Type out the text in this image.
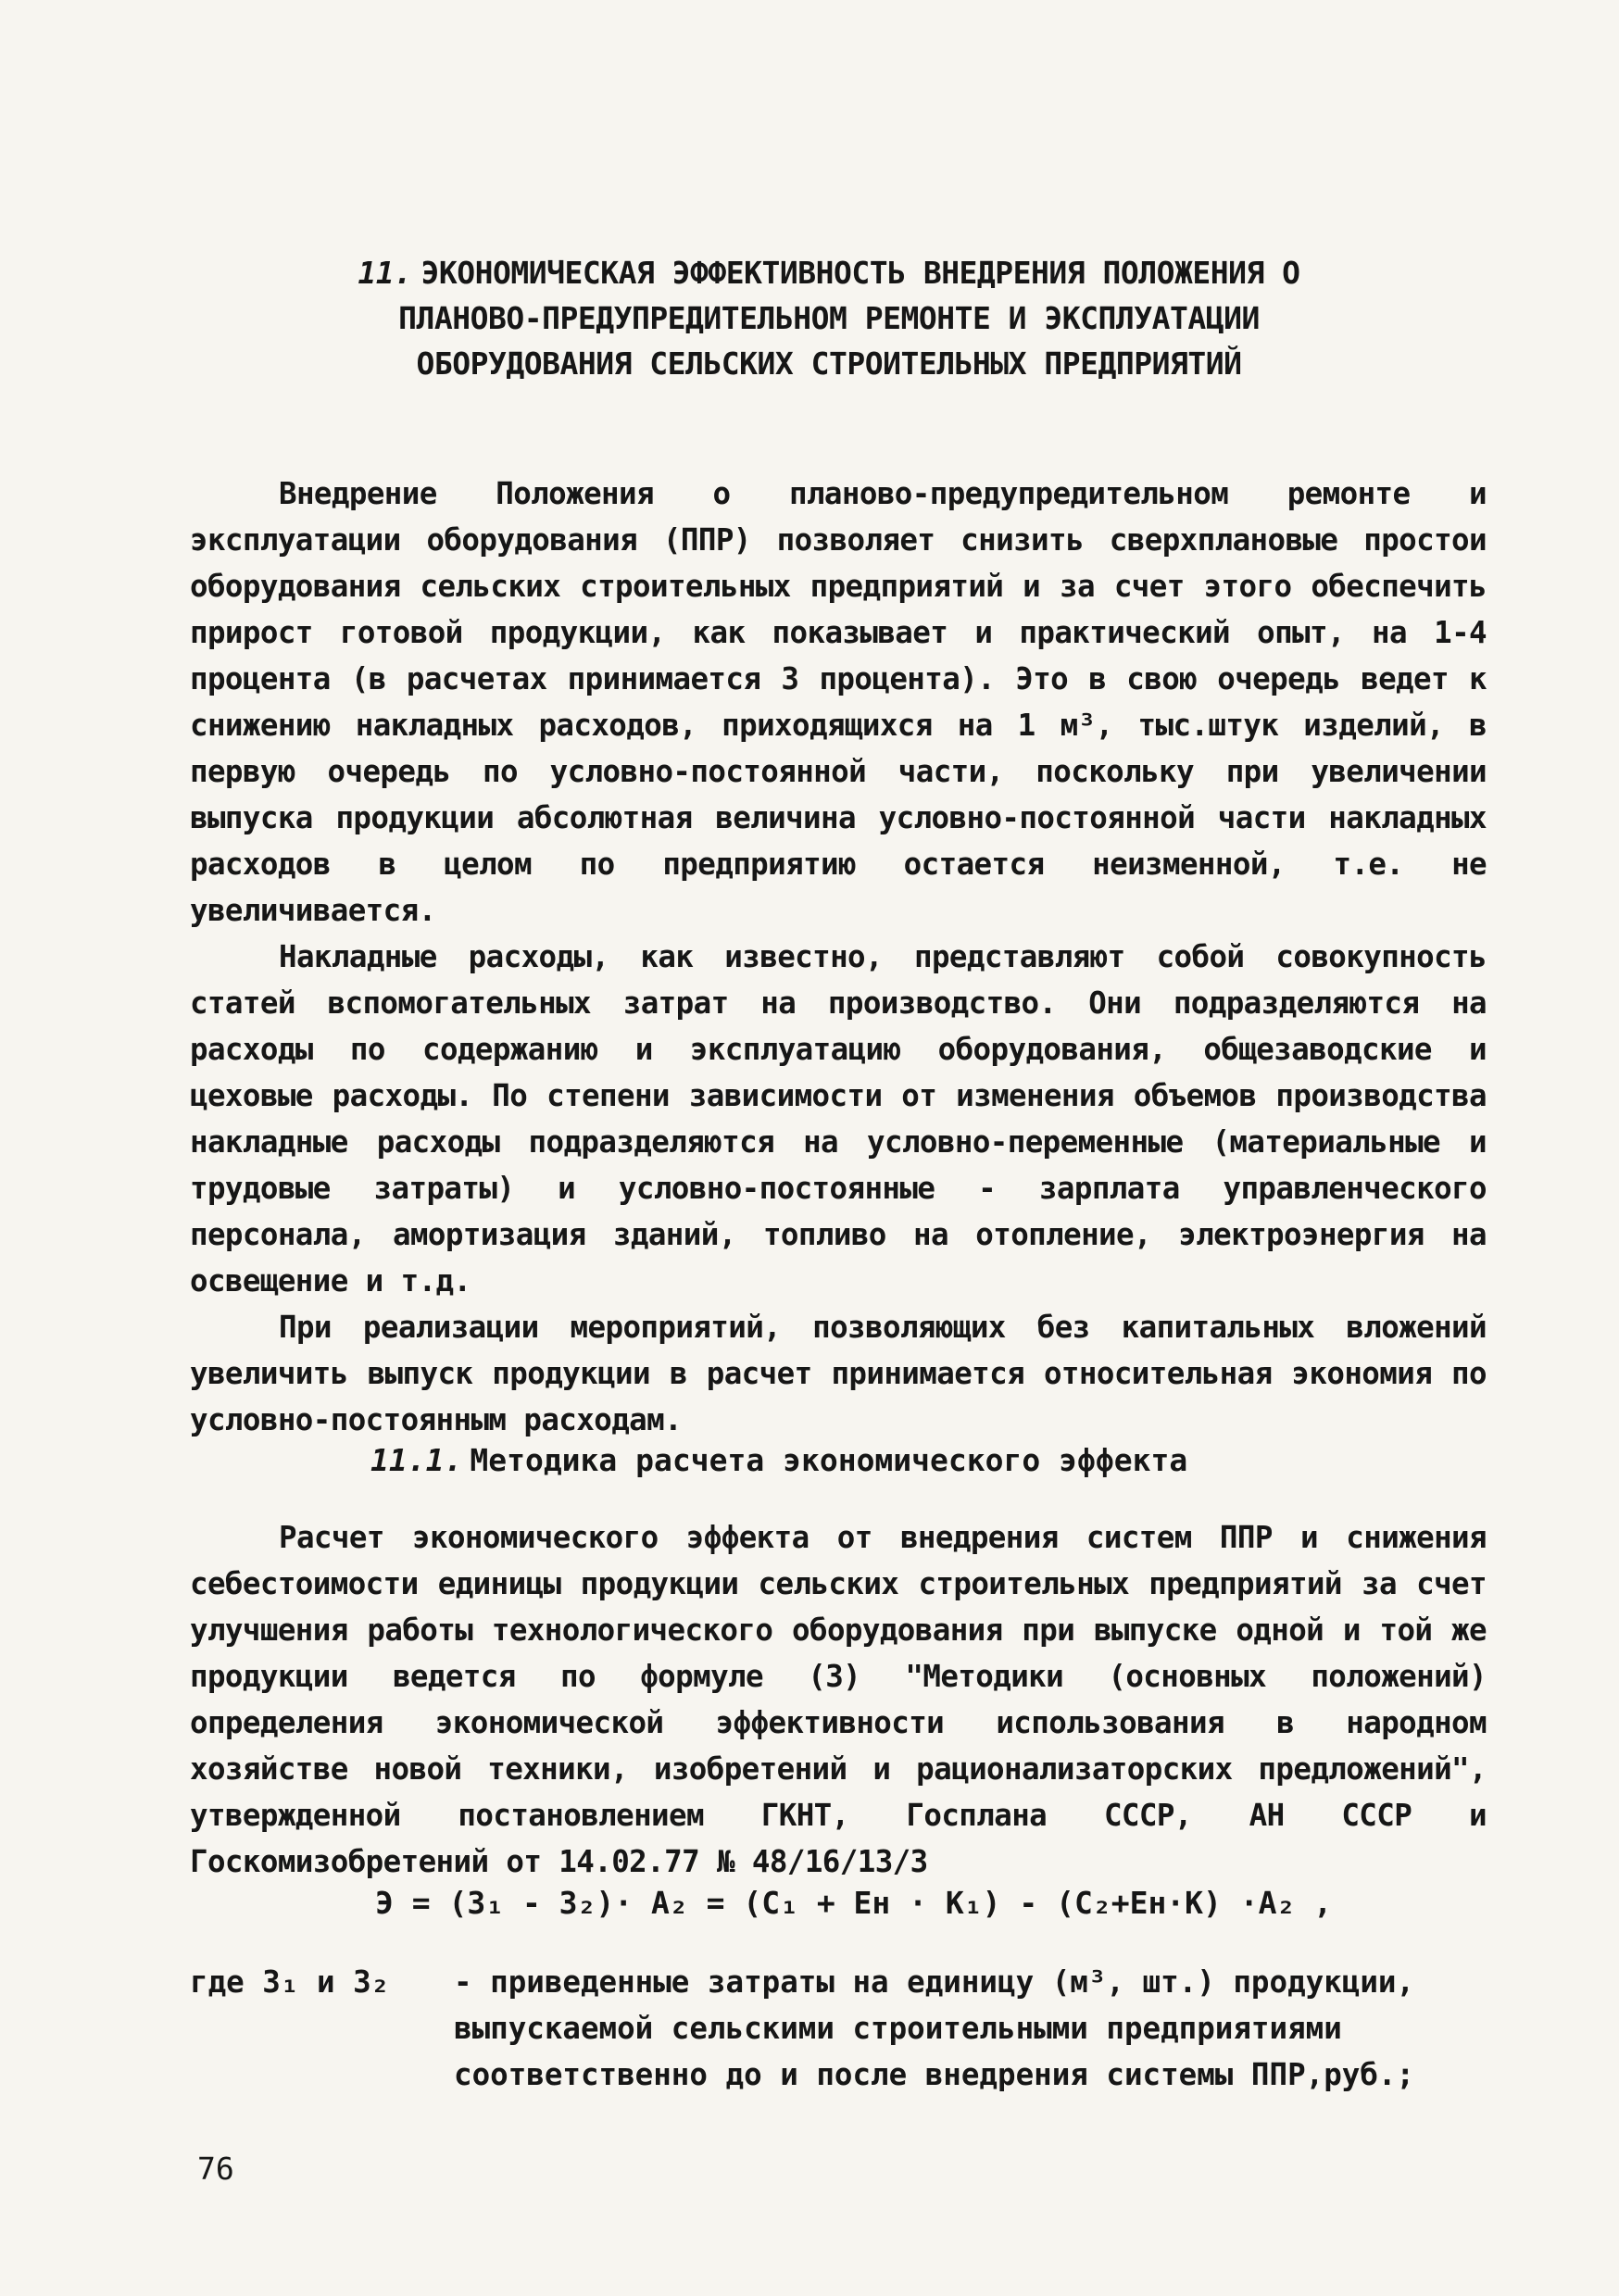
11. ЭКОНОМИЧЕСКАЯ ЭФФЕКТИВНОСТЬ ВНЕДРЕНИЯ ПОЛОЖЕНИЯ О ПЛАНОВО-ПРЕДУПРЕДИТЕЛЬНОМ РЕМОНТЕ И ЭКСПЛУАТАЦИИ ОБОРУДОВАНИЯ СЕЛЬСКИХ СТРОИТЕЛЬНЫХ ПРЕДПРИЯТИЙ

Внедрение Положения о планово-предупредительном ремонте и эксплуатации оборудования (ППР) позволяет снизить сверхплановые простои оборудования сельских строительных предприятий и за счет этого обеспечить прирост готовой продукции, как показывает и практический опыт, на 1-4 процента (в расчетах принимается 3 процента). Это в свою очередь ведет к снижению накладных расходов, приходящихся на 1 м³, тыс.штук изделий, в первую очередь по условно-постоянной части, поскольку при увеличении выпуска продукции абсолютная величина условно-постоянной части накладных расходов в целом по предприятию остается неизменной, т.е. не увеличивается.

Накладные расходы, как известно, представляют собой совокупность статей вспомогательных затрат на производство. Они подразделяются на расходы по содержанию и эксплуатацию оборудования, общезаводские и цеховые расходы. По степени зависимости от изменения объемов производства накладные расходы подразделяются на условно-переменные (материальные и трудовые затраты) и условно-постоянные - зарплата управленческого персонала, амортизация зданий, топливо на отопление, электроэнергия на освещение и т.д.

При реализации мероприятий, позволяющих без капитальных вложений увеличить выпуск продукции в расчет принимается относительная экономия по условно-постоянным расходам.

11.1. Методика расчета экономического эффекта

Расчет экономического эффекта от внедрения систем ППР и снижения себестоимости единицы продукции сельских строительных предприятий за счет улучшения работы технологического оборудования при выпуске одной и той же продукции ведется по формуле (3) "Методики (основных положений) определения экономической эффективности использования в народном хозяйстве новой техники, изобретений и рационализаторских предложений", утвержденной постановлением ГКНТ, Госплана СССР, АН СССР и Госкомизобретений от 14.02.77 № 48/16/13/3

Э = (З₁ - З₂)· А₂ = (С₁ + Eн · К₁) - (С₂+Eн·К) ·А₂ ,
где З₁ и З₂	- приведенные затраты на единицу (м³, шт.) продукции, выпускаемой сельскими строительными предприятиями соответственно до и после внедрения системы ППР,руб.;
76
